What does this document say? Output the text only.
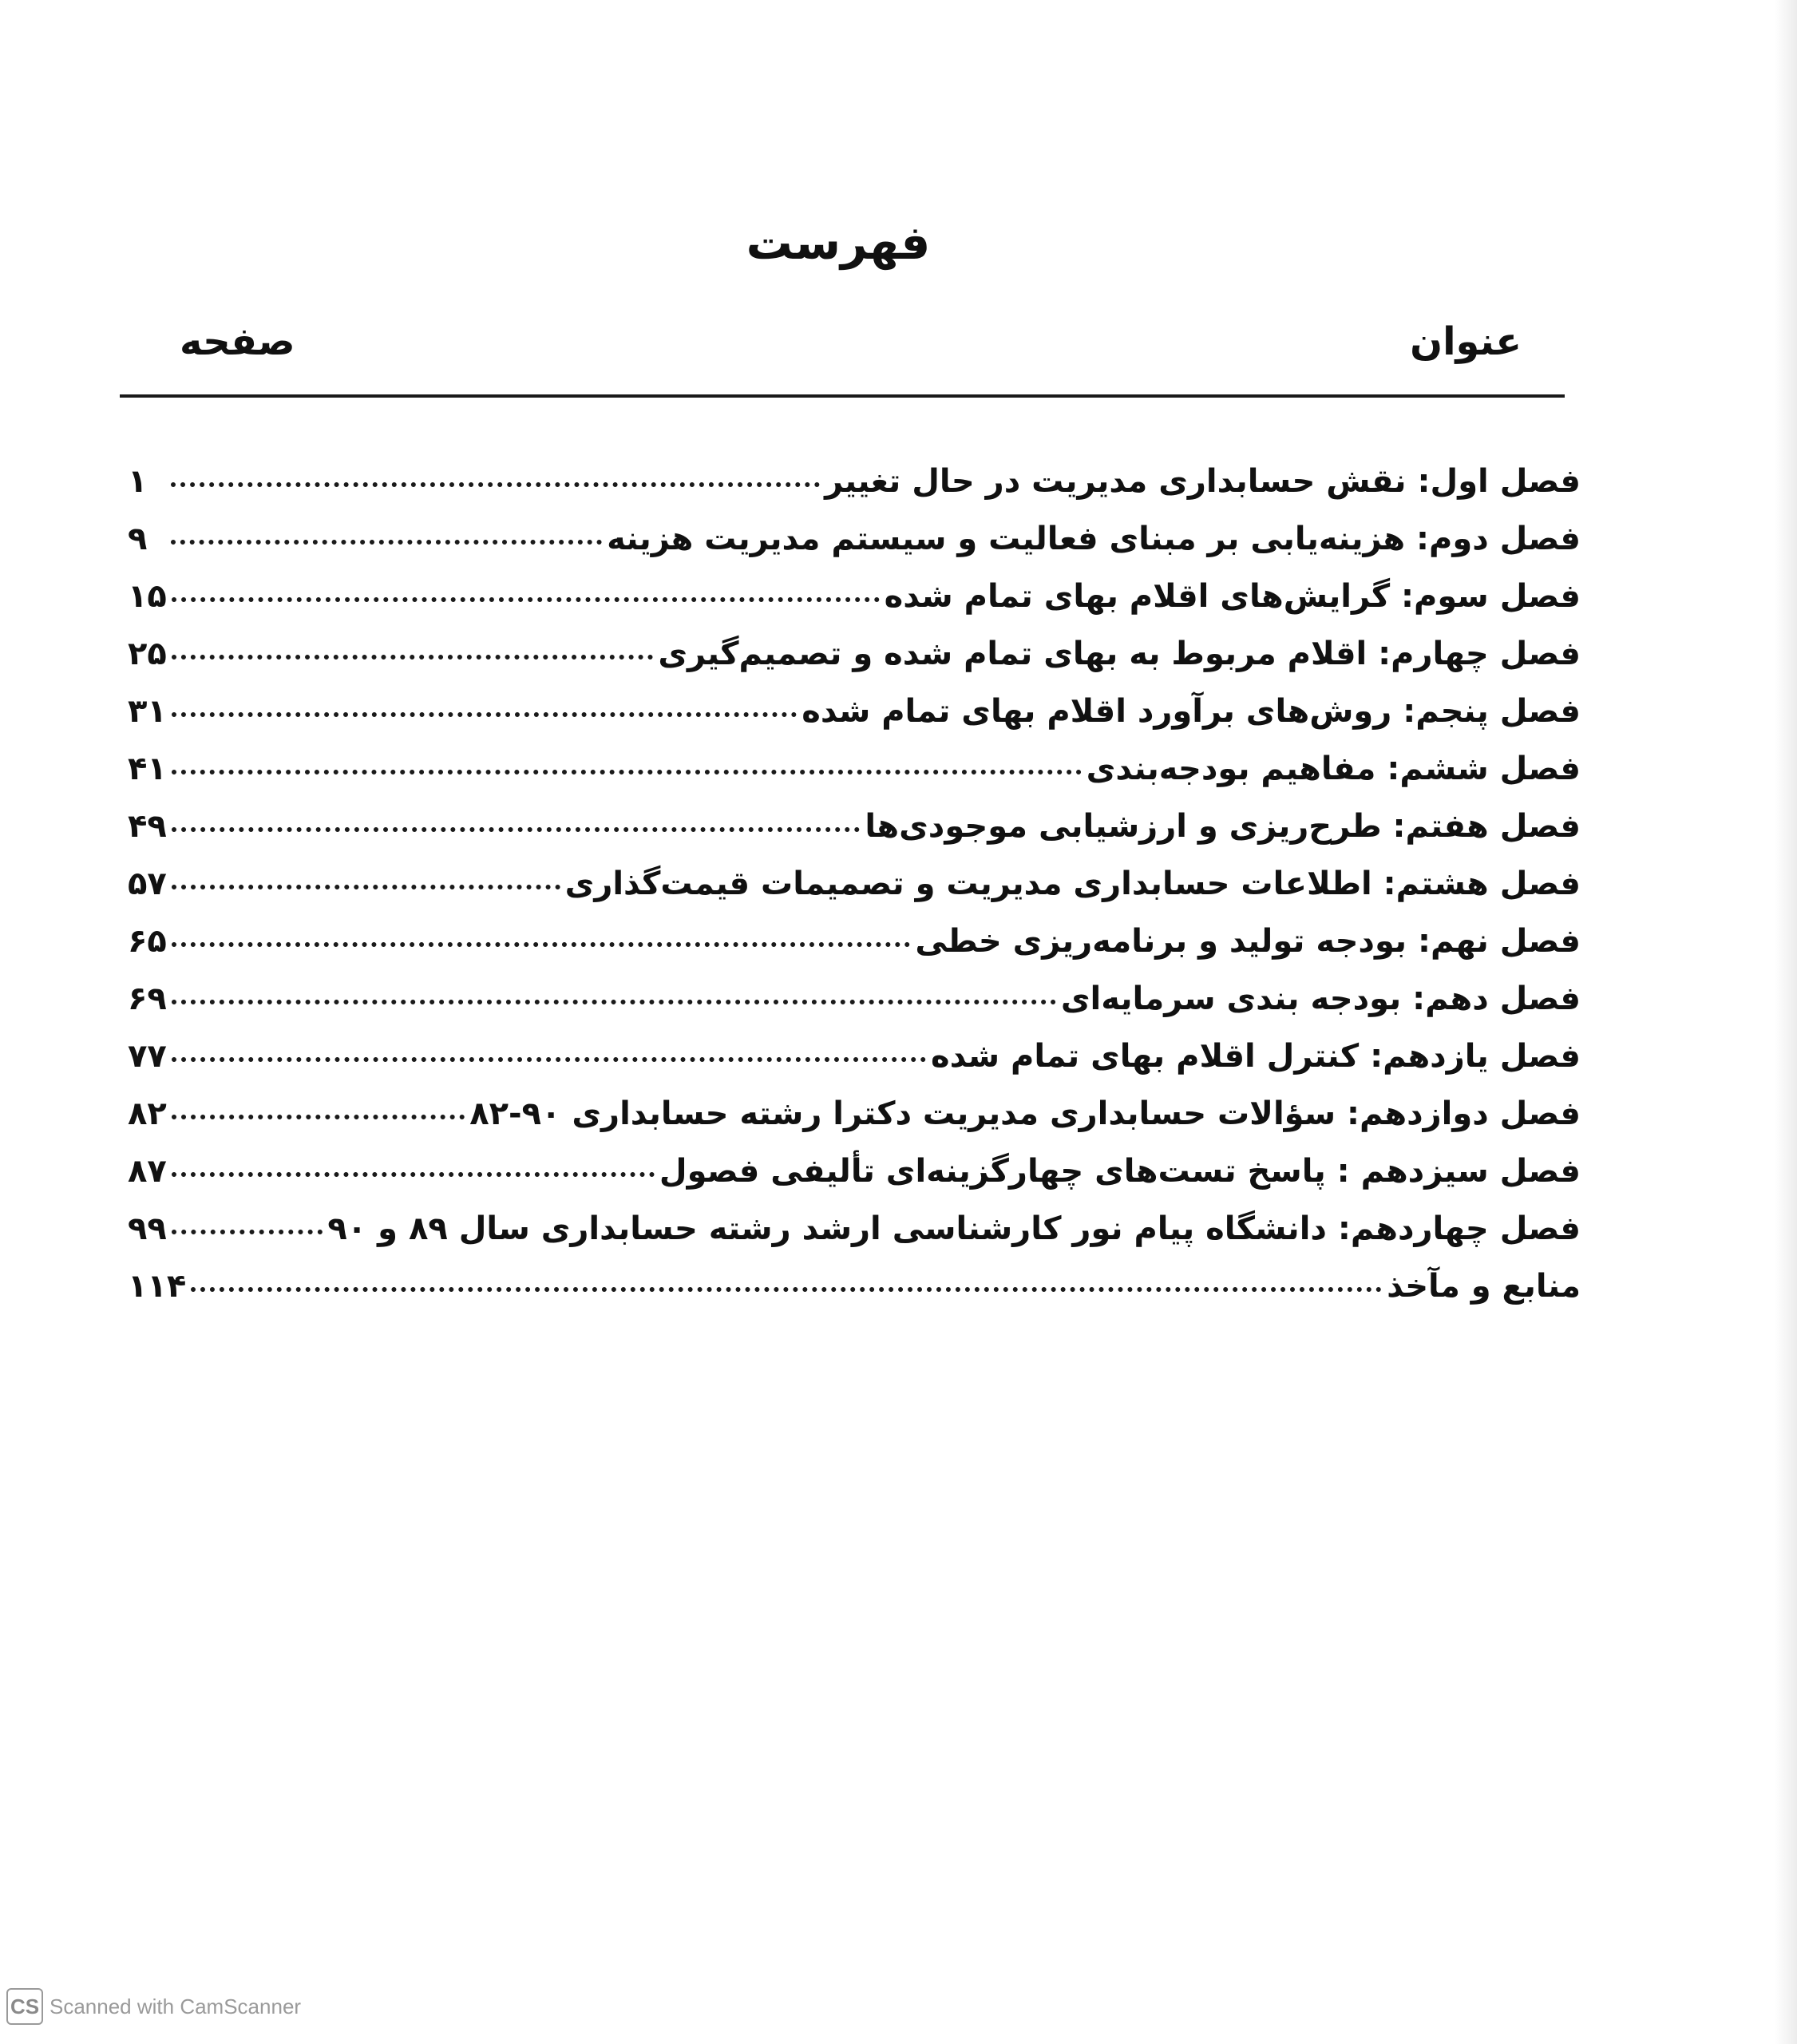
فهرست
عنوان
صفحه
فصل اول: نقش حسابداری مدیریت در حال تغییر
۱
فصل دوم: هزینه‌یابی بر مبنای فعالیت و سیستم مدیریت هزینه
۹
فصل سوم: گرایش‌های اقلام بهای تمام شده
۱۵
فصل چهارم: اقلام مربوط به بهای تمام شده و تصمیم‌گیری
۲۵
فصل پنجم: روش‌های برآورد اقلام بهای تمام شده
۳۱
فصل ششم: مفاهیم بودجه‌بندی
۴۱
فصل هفتم: طرح‌ریزی و ارزشیابی موجودی‌ها
۴۹
فصل هشتم: اطلاعات حسابداری مدیریت و تصمیمات قیمت‌گذاری
۵۷
فصل نهم: بودجه تولید و برنامه‌ریزی خطی
۶۵
فصل دهم: بودجه بندی سرمایه‌ای
۶۹
فصل یازدهم: کنترل اقلام بهای تمام شده
۷۷
فصل دوازدهم: سؤالات حسابداری مدیریت دکترا رشته حسابداری ۹۰-۸۲
۸۲
فصل سیزدهم : پاسخ تست‌های چهارگزینه‌ای تألیفی فصول
۸۷
فصل چهاردهم: دانشگاه پیام نور کارشناسی ارشد رشته حسابداری سال ۸۹ و ۹۰
۹۹
منابع و مآخذ
۱۱۴
CS Scanned with CamScanner
